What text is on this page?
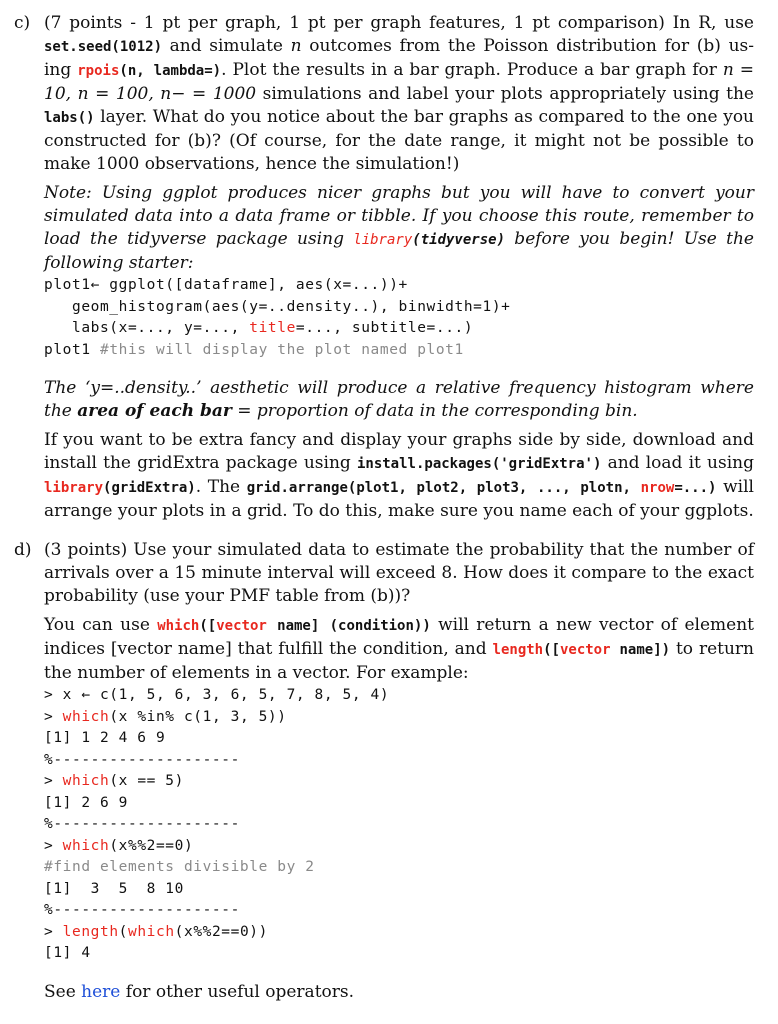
c) (7 points - 1 pt per graph, 1 pt per graph features, 1 pt comparison) In R, use set.seed(1012) and simulate n outcomes from the Poisson distribution for (b) us- ing rpois(n, lambda=). Plot the results in a bar graph. Produce a bar graph for n = 10, n = 100, n− = 1000 simulations and label your plots appropriately using the labs() layer. What do you notice about the bar graphs as compared to the one you constructed for (b)? (Of course, for the date range, it might not be possible to make 1000 observations, hence the simulation!)

Note: Using ggplot produces nicer graphs but you will have to convert your simulated data into a data frame or tibble. If you choose this route, remember to load the tidyverse package using library(tidyverse) before you begin! Use the following starter:

plot1← ggplot([dataframe], aes(x=...))+
geom_histogram(aes(y=..density..), binwidth=1)+
labs(x=..., y=..., title=..., subtitle=...)
plot1 #this will display the plot named plot1

The ‘y=..density..’ aesthetic will produce a relative frequency histogram where the area of each bar = proportion of data in the corresponding bin.

If you want to be extra fancy and display your graphs side by side, download and install the gridExtra package using install.packages('gridExtra') and load it using library(gridExtra). The grid.arrange(plot1, plot2, plot3, ..., plotn, nrow=...) will arrange your plots in a grid. To do this, make sure you name each of your ggplots.

d) (3 points) Use your simulated data to estimate the probability that the number of arrivals over a 15 minute interval will exceed 8. How does it compare to the exact probability (use your PMF table from (b))?

You can use which([vector name] (condition)) will return a new vector of element indices [vector name] that fulfill the condition, and length([vector name]) to return the number of elements in a vector. For example:

> x ← c(1, 5, 6, 3, 6, 5, 7, 8, 5, 4)
> which(x %in% c(1, 3, 5))
[1] 1 2 4 6 9
%--------------------
> which(x == 5)
[1] 2 6 9
%--------------------
> which(x%%2==0)
#find elements divisible by 2
[1]  3  5  8 10
%--------------------
> length(which(x%%2==0))
[1] 4

See here for other useful operators.
